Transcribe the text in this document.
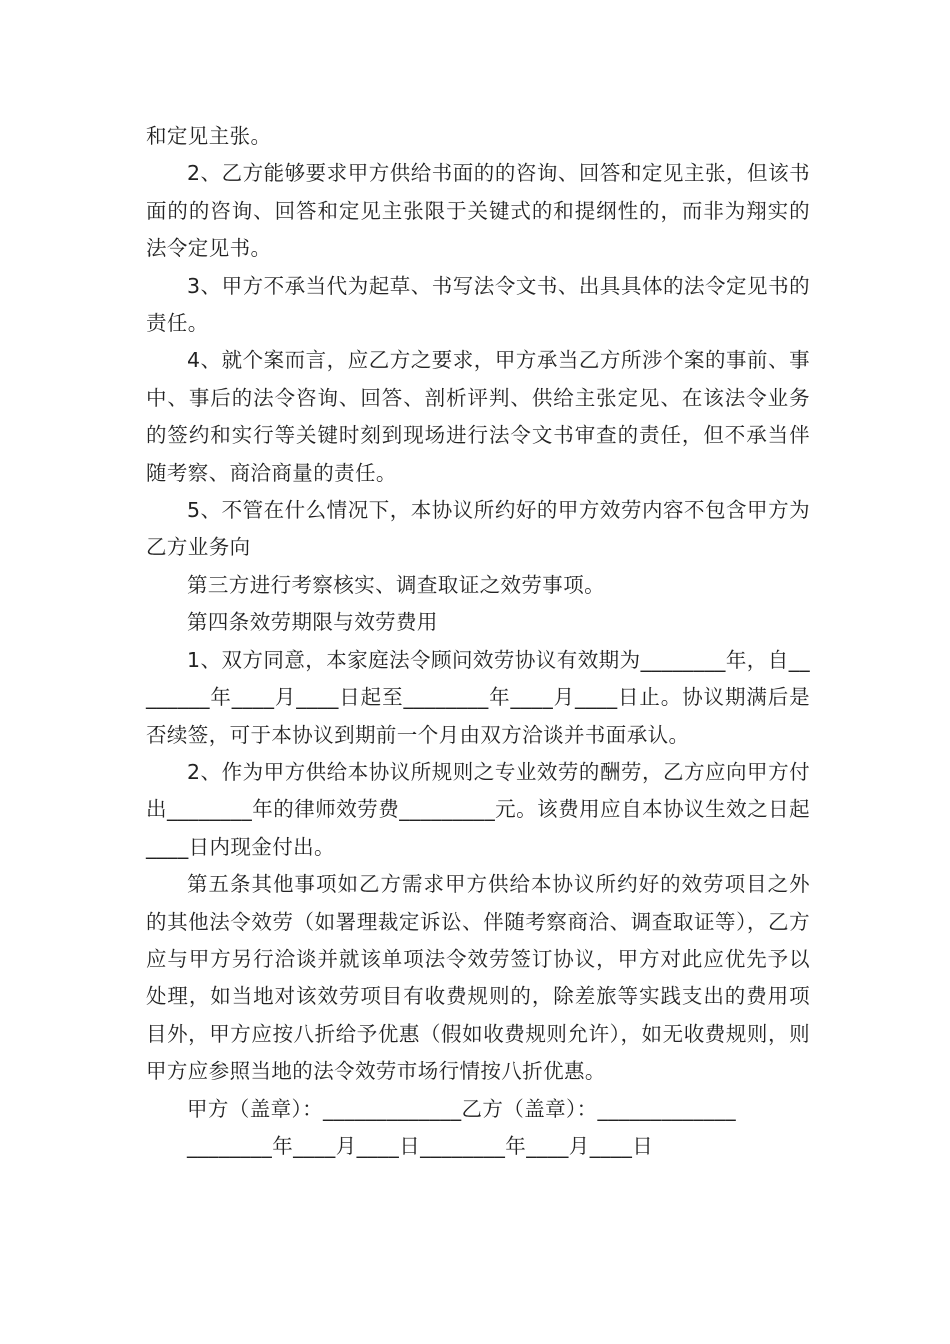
和定见主张。

2、乙方能够要求甲方供给书面的的咨询、回答和定见主张，但该书面的的咨询、回答和定见主张限于关键式的和提纲性的，而非为翔实的法令定见书。

3、甲方不承当代为起草、书写法令文书、出具具体的法令定见书的责任。

4、就个案而言，应乙方之要求，甲方承当乙方所涉个案的事前、事中、事后的法令咨询、回答、剖析评判、供给主张定见、在该法令业务的签约和实行等关键时刻到现场进行法令文书审查的责任，但不承当伴随考察、商洽商量的责任。

5、不管在什么情况下，本协议所约好的甲方效劳内容不包含甲方为乙方业务向

第三方进行考察核实、调查取证之效劳事项。

第四条效劳期限与效劳费用

1、双方同意，本家庭法令顾问效劳协议有效期为________年，自________年____月____日起至________年____月____日止。协议期满后是否续签，可于本协议到期前一个月由双方洽谈并书面承认。

2、作为甲方供给本协议所规则之专业效劳的酬劳，乙方应向甲方付出________年的律师效劳费_________元。该费用应自本协议生效之日起____日内现金付出。

第五条其他事项如乙方需求甲方供给本协议所约好的效劳项目之外的其他法令效劳（如署理裁定诉讼、伴随考察商洽、调查取证等），乙方应与甲方另行洽谈并就该单项法令效劳签订协议，甲方对此应优先予以处理，如当地对该效劳项目有收费规则的，除差旅等实践支出的费用项目外，甲方应按八折给予优惠（假如收费规则允许），如无收费规则，则甲方应参照当地的法令效劳市场行情按八折优惠。

甲方（盖章）：_____________乙方（盖章）：_____________

________年____月____日________年____月____日
